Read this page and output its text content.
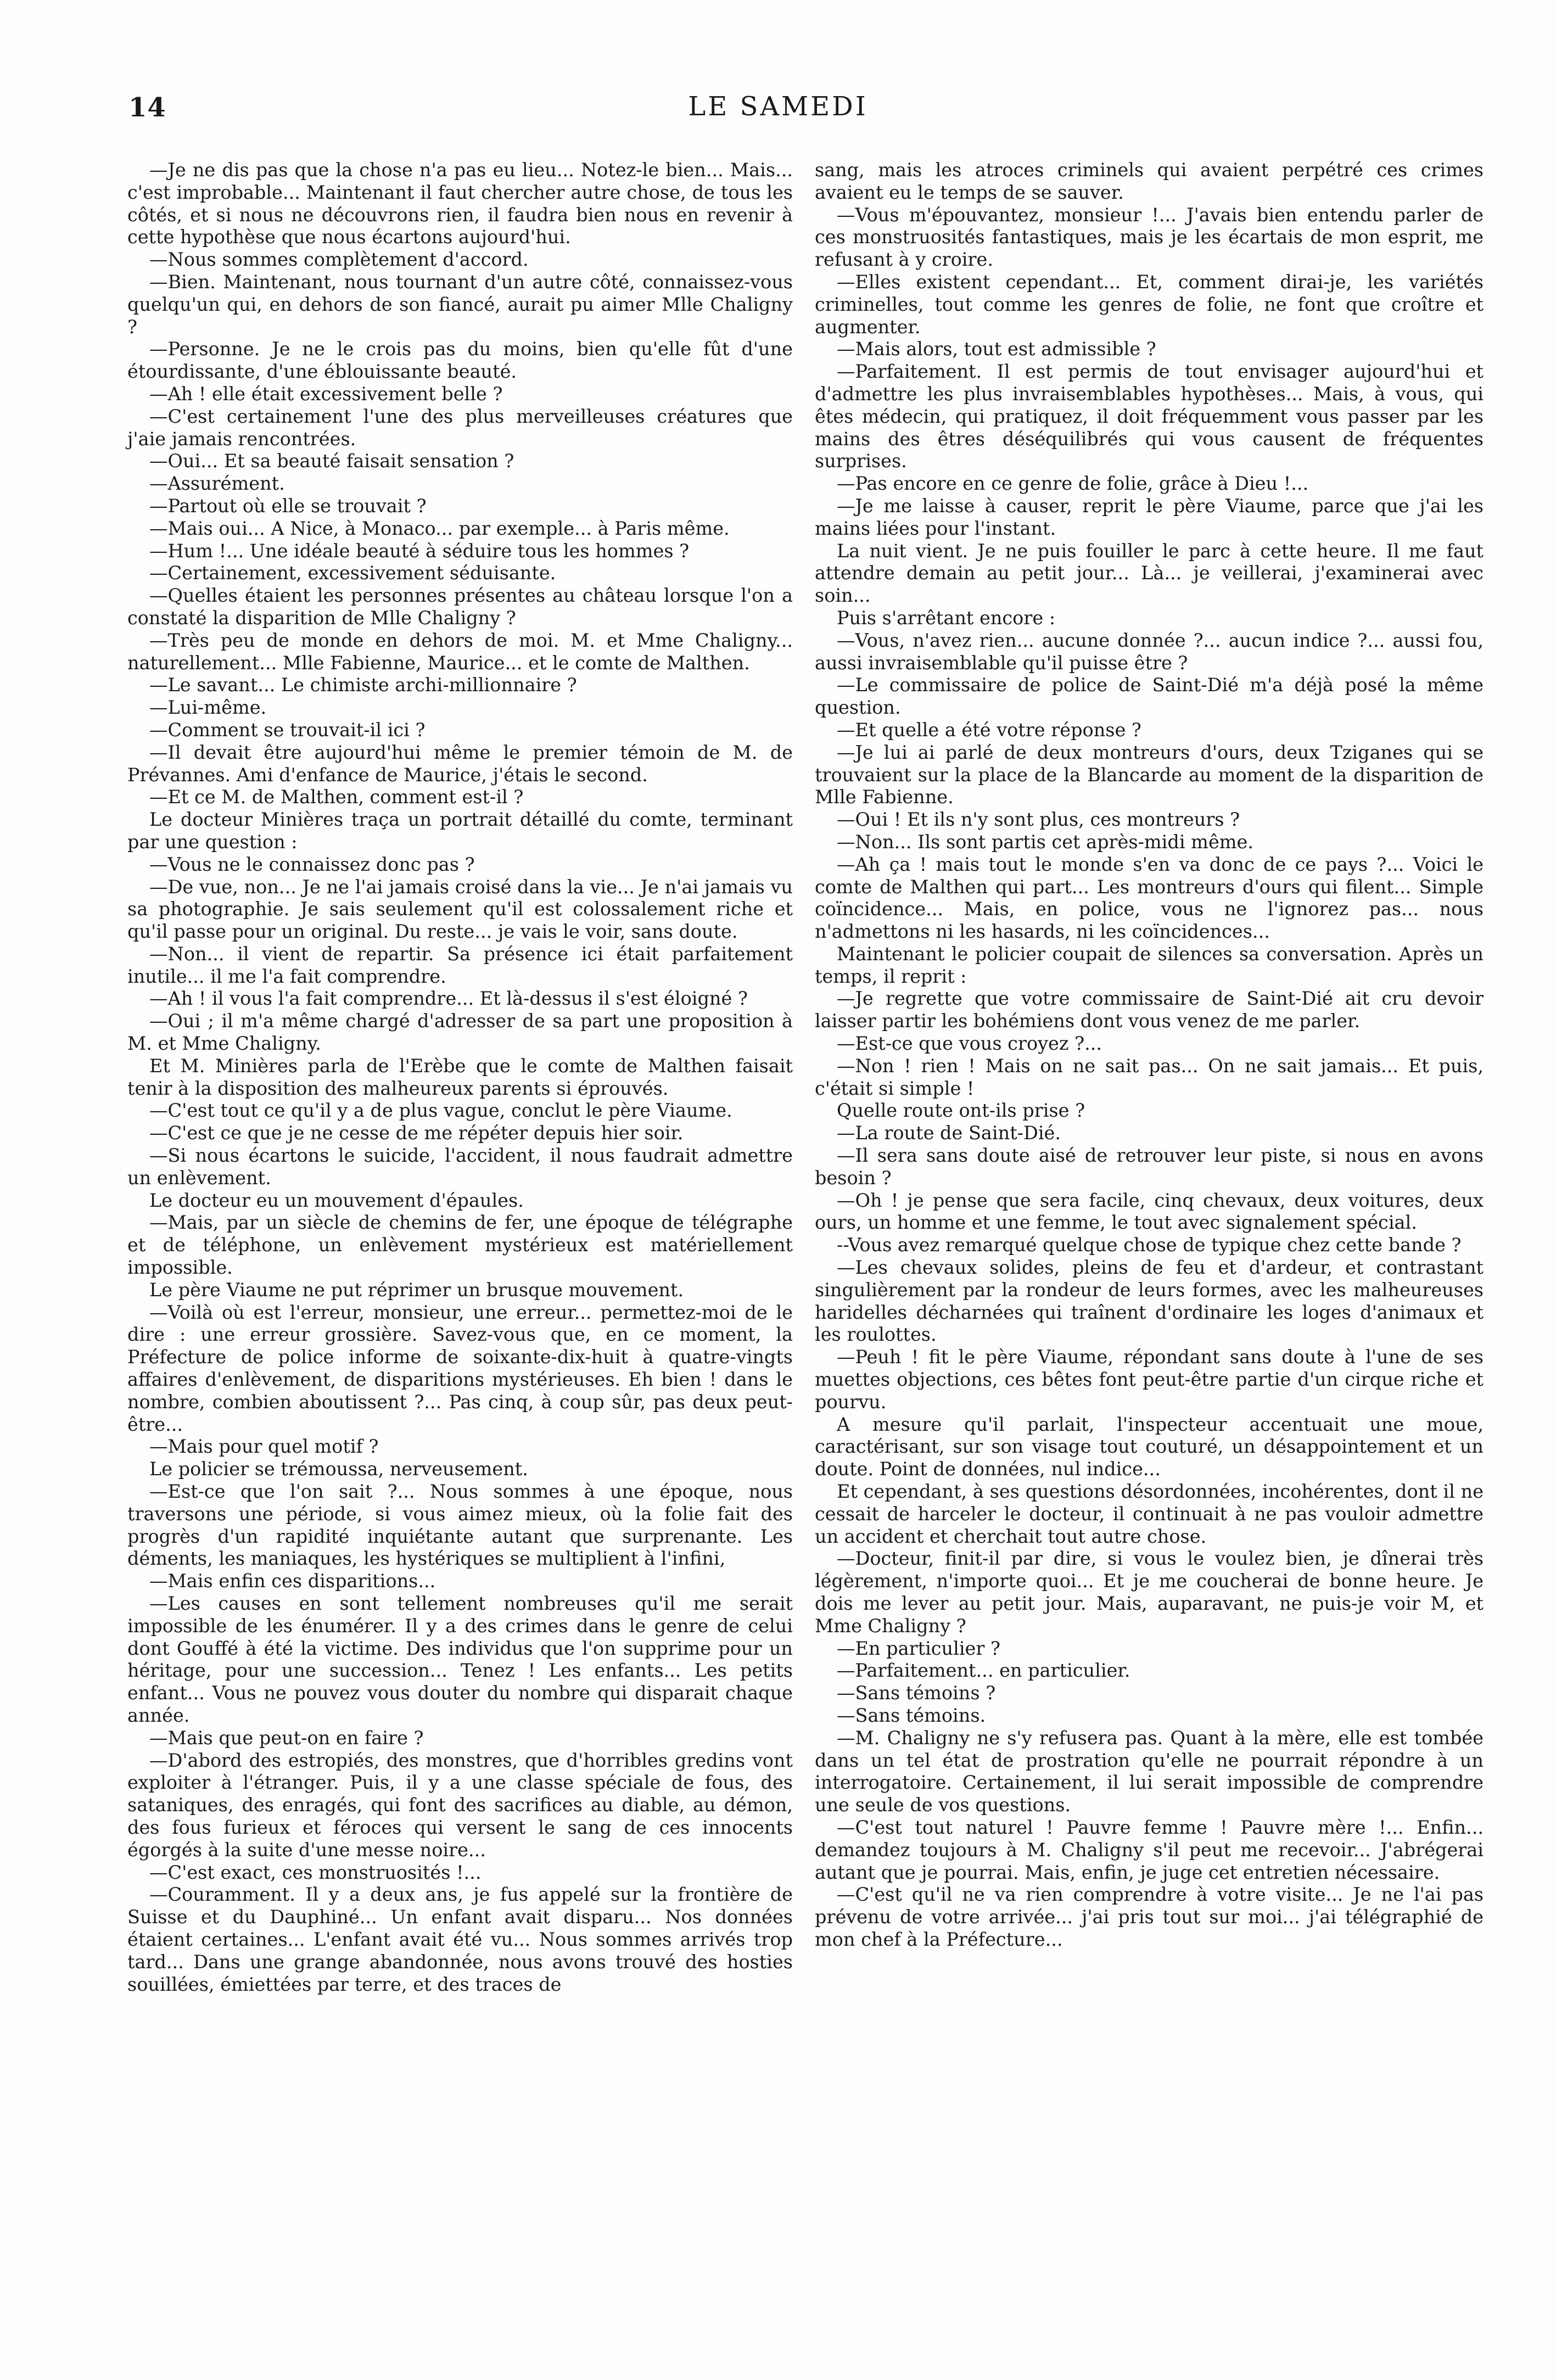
14	LE SAMEDI

—Je ne dis pas que la chose n'a pas eu lieu... Notez-le bien... Mais... c'est improbable... Maintenant il faut chercher autre chose, de tous les côtés, et si nous ne découvrons rien, il faudra bien nous en revenir à cette hypothèse que nous écartons aujourd'hui.

—Nous sommes complètement d'accord.

—Bien. Maintenant, nous tournant d'un autre côté, connaissez-vous quelqu'un qui, en dehors de son fiancé, aurait pu aimer Mlle Chaligny ?

—Personne. Je ne le crois pas du moins, bien qu'elle fût d'une étourdissante, d'une éblouissante beauté.

—Ah ! elle était excessivement belle ?

—C'est certainement l'une des plus merveilleuses créatures que j'aie jamais rencontrées.

—Oui... Et sa beauté faisait sensation ?

—Assurément.

—Partout où elle se trouvait ?

—Mais oui... A Nice, à Monaco... par exemple... à Paris même.

—Hum !... Une idéale beauté à séduire tous les hommes ?

—Certainement, excessivement séduisante.

—Quelles étaient les personnes présentes au château lorsque l'on a constaté la disparition de Mlle Chaligny ?

—Très peu de monde en dehors de moi. M. et Mme Chaligny... naturellement... Mlle Fabienne, Maurice... et le comte de Malthen.

—Le savant... Le chimiste archi-millionnaire ?

—Lui-même.

—Comment se trouvait-il ici ?

—Il devait être aujourd'hui même le premier témoin de M. de Prévannes. Ami d'enfance de Maurice, j'étais le second.

—Et ce M. de Malthen, comment est-il ?

Le docteur Minières traça un portrait détaillé du comte, terminant par une question :

—Vous ne le connaissez donc pas ?

—De vue, non... Je ne l'ai jamais croisé dans la vie... Je n'ai jamais vu sa photographie. Je sais seulement qu'il est colossalement riche et qu'il passe pour un original. Du reste... je vais le voir, sans doute.

—Non... il vient de repartir. Sa présence ici était parfaitement inutile... il me l'a fait comprendre.

—Ah ! il vous l'a fait comprendre... Et là-dessus il s'est éloigné ?

—Oui ; il m'a même chargé d'adresser de sa part une proposition à M. et Mme Chaligny.

Et M. Minières parla de l'Erèbe que le comte de Malthen faisait tenir à la disposition des malheureux parents si éprouvés.

—C'est tout ce qu'il y a de plus vague, conclut le père Viaume.

—C'est ce que je ne cesse de me répéter depuis hier soir.

—Si nous écartons le suicide, l'accident, il nous faudrait admettre un enlèvement.

Le docteur eu un mouvement d'épaules.

—Mais, par un siècle de chemins de fer, une époque de télégraphe et de téléphone, un enlèvement mystérieux est matériellement impossible.

Le père Viaume ne put réprimer un brusque mouvement.

—Voilà où est l'erreur, monsieur, une erreur... permettez-moi de le dire : une erreur grossière. Savez-vous que, en ce moment, la Préfecture de police informe de soixante-dix-huit à quatre-vingts affaires d'enlèvement, de disparitions mystérieuses. Eh bien ! dans le nombre, combien aboutissent ?... Pas cinq, à coup sûr, pas deux peut-être...

—Mais pour quel motif ?

Le policier se trémoussa, nerveusement.

—Est-ce que l'on sait ?... Nous sommes à une époque, nous traversons une période, si vous aimez mieux, où la folie fait des progrès d'un rapidité inquiétante autant que surprenante. Les déments, les maniaques, les hystériques se multiplient à l'infini,

—Mais enfin ces disparitions...

—Les causes en sont tellement nombreuses qu'il me serait impossible de les énumérer. Il y a des crimes dans le genre de celui dont Gouffé à été la victime. Des individus que l'on supprime pour un héritage, pour une succession... Tenez ! Les enfants... Les petits enfant... Vous ne pouvez vous douter du nombre qui disparait chaque année.

—Mais que peut-on en faire ?

—D'abord des estropiés, des monstres, que d'horribles gredins vont exploiter à l'étranger. Puis, il y a une classe spéciale de fous, des sataniques, des enragés, qui font des sacrifices au diable, au démon, des fous furieux et féroces qui versent le sang de ces innocents égorgés à la suite d'une messe noire...

—C'est exact, ces monstruosités !...

—Couramment. Il y a deux ans, je fus appelé sur la frontière de Suisse et du Dauphiné... Un enfant avait disparu... Nos données étaient certaines... L'enfant avait été vu... Nous sommes arrivés trop tard... Dans une grange abandonnée, nous avons trouvé des hosties souillées, émiettées par terre, et des traces de

sang, mais les atroces criminels qui avaient perpétré ces crimes avaient eu le temps de se sauver.

—Vous m'épouvantez, monsieur !... J'avais bien entendu parler de ces monstruosités fantastiques, mais je les écartais de mon esprit, me refusant à y croire.

—Elles existent cependant... Et, comment dirai-je, les variétés criminelles, tout comme les genres de folie, ne font que croître et augmenter.

—Mais alors, tout est admissible ?

—Parfaitement. Il est permis de tout envisager aujourd'hui et d'admettre les plus invraisemblables hypothèses... Mais, à vous, qui êtes médecin, qui pratiquez, il doit fréquemment vous passer par les mains des êtres déséquilibrés qui vous causent de fréquentes surprises.

—Pas encore en ce genre de folie, grâce à Dieu !...

—Je me laisse à causer, reprit le père Viaume, parce que j'ai les mains liées pour l'instant.

La nuit vient. Je ne puis fouiller le parc à cette heure. Il me faut attendre demain au petit jour... Là... je veillerai, j'examinerai avec soin...

Puis s'arrêtant encore :

—Vous, n'avez rien... aucune donnée ?... aucun indice ?... aussi fou, aussi invraisemblable qu'il puisse être ?

—Le commissaire de police de Saint-Dié m'a déjà posé la même question.

—Et quelle a été votre réponse ?

—Je lui ai parlé de deux montreurs d'ours, deux Tziganes qui se trouvaient sur la place de la Blancarde au moment de la disparition de Mlle Fabienne.

—Oui ! Et ils n'y sont plus, ces montreurs ?

—Non... Ils sont partis cet après-midi même.

—Ah ça ! mais tout le monde s'en va donc de ce pays ?... Voici le comte de Malthen qui part... Les montreurs d'ours qui filent... Simple coïncidence... Mais, en police, vous ne l'ignorez pas... nous n'admettons ni les hasards, ni les coïncidences...

Maintenant le policier coupait de silences sa conversation. Après un temps, il reprit :

—Je regrette que votre commissaire de Saint-Dié ait cru devoir laisser partir les bohémiens dont vous venez de me parler.

—Est-ce que vous croyez ?...

—Non ! rien ! Mais on ne sait pas... On ne sait jamais... Et puis, c'était si simple !

Quelle route ont-ils prise ?

—La route de Saint-Dié.

—Il sera sans doute aisé de retrouver leur piste, si nous en avons besoin ?

—Oh ! je pense que sera facile, cinq chevaux, deux voitures, deux ours, un homme et une femme, le tout avec signalement spécial.

--Vous avez remarqué quelque chose de typique chez cette bande ?

—Les chevaux solides, pleins de feu et d'ardeur, et contrastant singulièrement par la rondeur de leurs formes, avec les malheureuses haridelles décharnées qui traînent d'ordinaire les loges d'animaux et les roulottes.

—Peuh ! fit le père Viaume, répondant sans doute à l'une de ses muettes objections, ces bêtes font peut-être partie d'un cirque riche et pourvu.

A mesure qu'il parlait, l'inspecteur accentuait une moue, caractérisant, sur son visage tout couturé, un désappointement et un doute. Point de données, nul indice...

Et cependant, à ses questions désordonnées, incohérentes, dont il ne cessait de harceler le docteur, il continuait à ne pas vouloir admettre un accident et cherchait tout autre chose.

—Docteur, finit-il par dire, si vous le voulez bien, je dînerai très légèrement, n'importe quoi... Et je me coucherai de bonne heure. Je dois me lever au petit jour. Mais, auparavant, ne puis-je voir M, et Mme Chaligny ?

—En particulier ?

—Parfaitement... en particulier.

—Sans témoins ?

—Sans témoins.

—M. Chaligny ne s'y refusera pas. Quant à la mère, elle est tombée dans un tel état de prostration qu'elle ne pourrait répondre à un interrogatoire. Certainement, il lui serait impossible de comprendre une seule de vos questions.

—C'est tout naturel ! Pauvre femme ! Pauvre mère !... Enfin... demandez toujours à M. Chaligny s'il peut me recevoir... J'abrégerai autant que je pourrai. Mais, enfin, je juge cet entretien nécessaire.

—C'est qu'il ne va rien comprendre à votre visite... Je ne l'ai pas prévenu de votre arrivée... j'ai pris tout sur moi... j'ai télégraphié de mon chef à la Préfecture...
